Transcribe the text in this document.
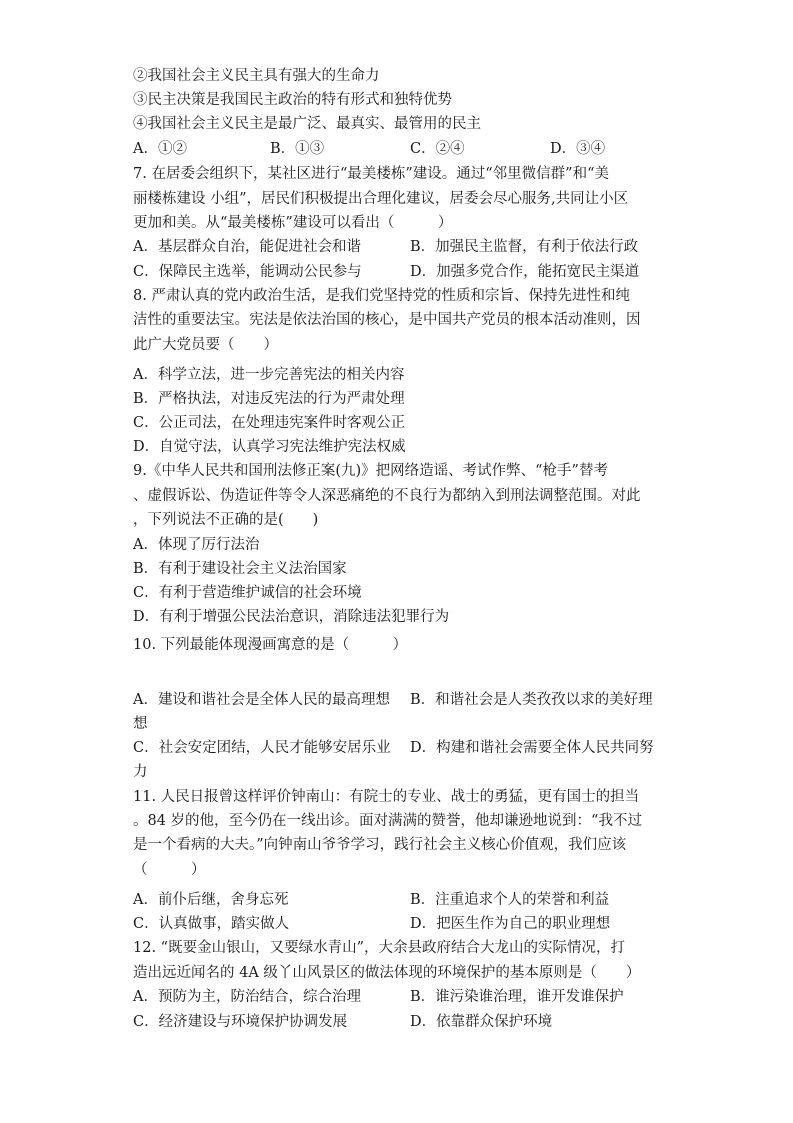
②我国社会主义民主具有强大的生命力
③民主决策是我国民主政治的特有形式和独特优势
④我国社会主义民主是最广泛、最真实、最管用的民主
A．①②	B．①③	C．②④	D．③④
7. 在居委会组织下，某社区进行“最美楼栋”建设。通过“邻里微信群”和“美
丽楼栋建设 小组”，居民们积极提出合理化建议，居委会尽心服务,共同让小区
更加和美。从“最美楼栋”建设可以看出（　　　）
A．基层群众自治，能促进社会和谐	B．加强民主监督，有利于依法行政
C．保障民主选举，能调动公民参与	D．加强多党合作，能拓宽民主渠道
8. 严肃认真的党内政治生活，是我们党坚持党的性质和宗旨、保持先进性和纯
洁性的重要法宝。宪法是依法治国的核心，是中国共产党员的根本活动准则，因
此广大党员要（　　）
A．科学立法，进一步完善宪法的相关内容
B．严格执法，对违反宪法的行为严肃处理
C．公正司法，在处理违宪案件时客观公正
D．自觉守法，认真学习宪法维护宪法权威
9.《中华人民共和国刑法修正案(九)》把网络造谣、考试作弊、“枪手”替考
、虚假诉讼、伪造证件等令人深恶痛绝的不良行为都纳入到刑法调整范围。对此
，下列说法不正确的是(　　)
A．体现了厉行法治
B．有利于建设社会主义法治国家
C．有利于营造维护诚信的社会环境
D．有利于增强公民法治意识，消除违法犯罪行为
10. 下列最能体现漫画寓意的是（　　　）
A．建设和谐社会是全体人民的最高理想 B．和谐社会是人类孜孜以求的美好理
想
C．社会安定团结，人民才能够安居乐业 D．构建和谐社会需要全体人民共同努
力
11. 人民日报曾这样评价钟南山：有院士的专业、战士的勇猛，更有国士的担当
。84 岁的他，至今仍在一线出诊。面对满满的赞誉，他却谦逊地说到：“我不过
是一个看病的大夫。”向钟南山爷爷学习，践行社会主义核心价值观，我们应该
（　　　）
A．前仆后继，舍身忘死	B．注重追求个人的荣誉和利益
C．认真做事，踏实做人	D．把医生作为自己的职业理想
12. “既要金山银山，又要绿水青山”，大余县政府结合大龙山的实际情况，打
造出远近闻名的 4A 级丫山风景区的做法体现的环境保护的基本原则是（　　）
A．预防为主，防治结合，综合治理	B．谁污染谁治理，谁开发谁保护
C．经济建设与环境保护协调发展	D．依靠群众保护环境
